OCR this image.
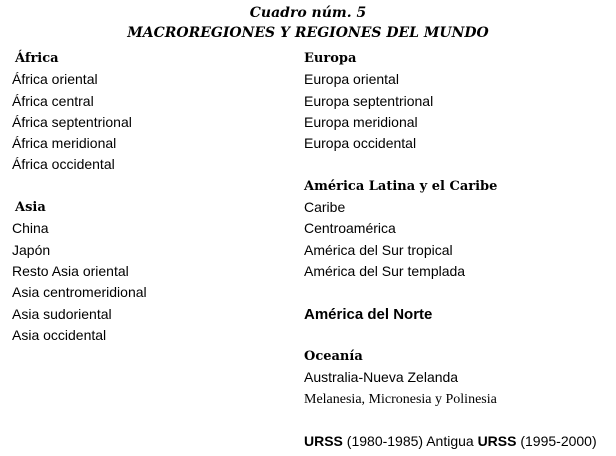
Cuadro núm. 5
MACROREGIONES Y REGIONES DEL MUNDO
África
África oriental
África central
África septentrional
África meridional
África occidental
Asia
China
Japón
Resto Asia oriental
Asia centromeridional
Asia sudoriental
Asia occidental
Europa
Europa oriental
Europa septentrional
Europa meridional
Europa occidental
América Latina y el Caribe
Caribe
Centroamérica
América del Sur tropical
América del Sur templada
América del Norte
Oceanía
Australia-Nueva Zelanda
Melanesia, Micronesia y Polinesia
URSS (1980-1985) Antigua URSS (1995-2000)
